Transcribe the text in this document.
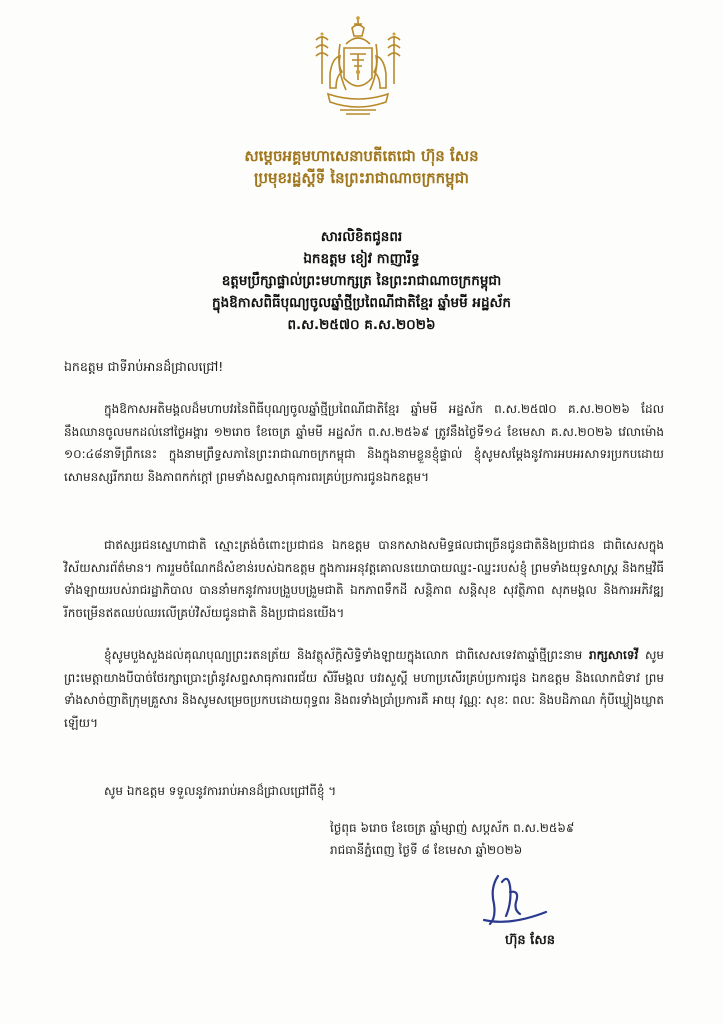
សម្តេចអគ្គមហាសេនាបតីតេជោ ហ៊ុន សែន
ប្រមុខរដ្ឋស្តីទី នៃព្រះរាជាណាចក្រកម្ពុជា
សារលិខិតជូនពរ
ឯកឧត្តម ខៀវ កាញារីទ្ធ
ឧត្តមប្រឹក្សាផ្ទាល់ព្រះមហាក្សត្រ នៃព្រះរាជាណាចក្រកម្ពុជា
ក្នុងឱកាសពិធីបុណ្យចូលឆ្នាំថ្មីប្រពៃណីជាតិខ្មែរ ឆ្នាំមមី អដ្ឋស័ក
ព.ស.២៥៧០ គ.ស.២០២៦
ឯកឧត្តម ជាទីរាប់អានដ៏ជ្រាលជ្រៅ!

ក្នុងឱកាសអតិមង្គលដ៏មហាបវរនៃពិធីបុណ្យចូលឆ្នាំថ្មីប្រពៃណីជាតិខ្មែរ ឆ្នាំមមី អដ្ឋស័ក ព.ស.២៥៧០ គ.ស.២០២៦ ដែលនឹងឈានចូលមកដល់នៅថ្ងៃអង្គារ ១២រោច ខែចេត្រ ឆ្នាំមមី អដ្ឋស័ក ព.ស.២៥៦៩ ត្រូវនឹងថ្ងៃទី១៤ ខែមេសា គ.ស.២០២៦ វេលាម៉ោង ១០:៤៨នាទីព្រឹកនេះ ក្នុងនាមព្រឹទ្ធសភានៃព្រះរាជាណាចក្រកម្ពុជា និងក្នុងនាមខ្លួនខ្ញុំផ្ទាល់ ខ្ញុំសូមសម្តែងនូវការអបអរសាទរប្រកបដោយសោមនស្សរីករាយ និងភាពកក់ក្តៅ ព្រមទាំងសព្ទសាធុការពរគ្រប់ប្រការជូនឯកឧត្តម។

ជាឥស្សរជនស្នេហាជាតិ ស្មោះត្រង់ចំពោះប្រជាជន ឯកឧត្តម បានកសាងសមិទ្ធផលជាច្រើនជូនជាតិនិងប្រជាជន ជាពិសេសក្នុងវិស័យសារព័ត៌មាន។ ការរួមចំណែកដ៏សំខាន់របស់ឯកឧត្តម ក្នុងការអនុវត្តគោលនយោបាយឈ្នះ-ឈ្នះរបស់ខ្ញុំ ព្រមទាំងយុទ្ធសាស្ត្រ និងកម្មវិធីទាំងឡាយរបស់រាជរដ្ឋាភិបាល បាននាំមកនូវការបង្រួបបង្រួមជាតិ ឯកភាពទឹកដី សន្តិភាព សន្តិសុខ សុវត្ថិភាព សុភមង្គល និងការអភិវឌ្ឍរីកចម្រើនឥតឈប់ឈរលើគ្រប់វិស័យជូនជាតិ និងប្រជាជនយើង។

ខ្ញុំសូមបួងសួងដល់គុណបុណ្យព្រះរតនត្រ័យ និងវត្ថុស័ក្តិសិទ្ធិទាំងឡាយក្នុងលោក ជាពិសេសទេវតាឆ្នាំថ្មីព្រះនាម រាក្សសាទេវី សូមព្រះមេត្តាយាងបីបាច់ថែរក្សាប្រោះព្រំនូវសព្ទសាធុការពរជ័យ សិរីមង្គល បវរសួស្តី មហាប្រសើរគ្រប់ប្រការជូន ឯកឧត្តម និងលោកជំទាវ ព្រមទាំងសាច់ញាតិក្រុមគ្រួសារ និងសូមសម្រេចប្រកបដោយពុទ្ធពរ និងពរទាំងប្រាំប្រការគឺ អាយុ វណ្ណៈ សុខៈ ពលៈ និងបដិភាណ កុំបីឃ្លៀងឃ្លាតឡើយ។

សូម ឯកឧត្តម ទទួលនូវការរាប់អានដ៏ជ្រាលជ្រៅពីខ្ញុំ ។

ថ្ងៃពុធ ៦រោច ខែចេត្រ ឆ្នាំម្សាញ់ សប្តស័ក ព.ស.២៥៦៩
រាជធានីភ្នំពេញ ថ្ងៃទី ៨ ខែមេសា ឆ្នាំ២០២៦
ហ៊ុន សែន
